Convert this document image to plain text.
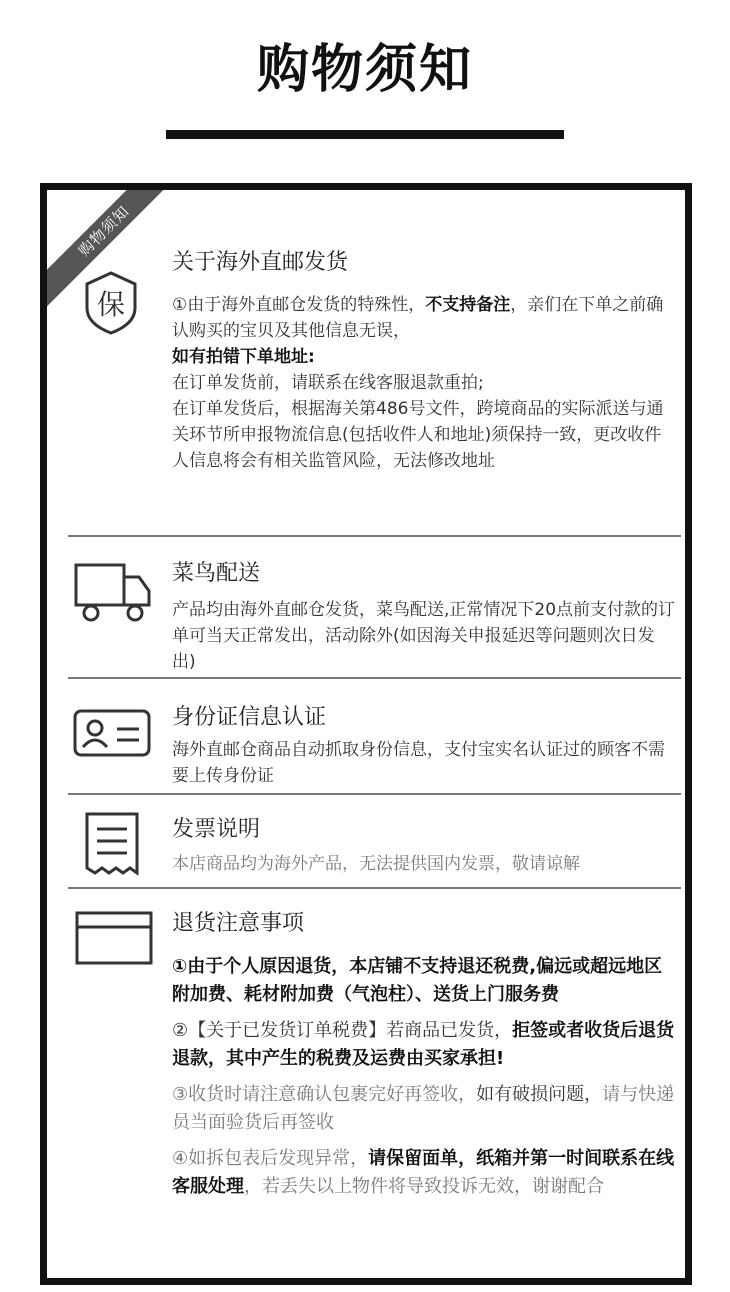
购物须知
购物须知
保
关于海外直邮发货

①由于海外直邮仓发货的特殊性，不支持备注，亲们在下单之前确认购买的宝贝及其他信息无误，

如有拍错下单地址:

在订单发货前，请联系在线客服退款重拍;

在订单发货后，根据海关第486号文件，跨境商品的实际派送与通关环节所申报物流信息(包括收件人和地址)须保持一致，更改收件人信息将会有相关监管风险，无法修改地址

菜鸟配送
产品均由海外直邮仓发货，菜鸟配送,正常情况下20点前支付款的订单可当天正常发出，活动除外(如因海关申报延迟等问题则次日发出)
身份证信息认证
海外直邮仓商品自动抓取身份信息，支付宝实名认证过的顾客不需要上传身份证
发票说明
本店商品均为海外产品，无法提供国内发票，敬请谅解
退货注意事项

①由于个人原因退货，本店铺不支持退还税费,偏远或超远地区附加费、耗材附加费（气泡柱）、送货上门服务费

②【关于已发货订单税费】若商品已发货，拒签或者收货后退货退款，其中产生的税费及运费由买家承担!

③收货时请注意确认包裹完好再签收，如有破损问题，请与快递员当面验货后再签收

④如拆包表后发现异常，请保留面单，纸箱并第一时间联系在线客服处理，若丢失以上物件将导致投诉无效，谢谢配合
